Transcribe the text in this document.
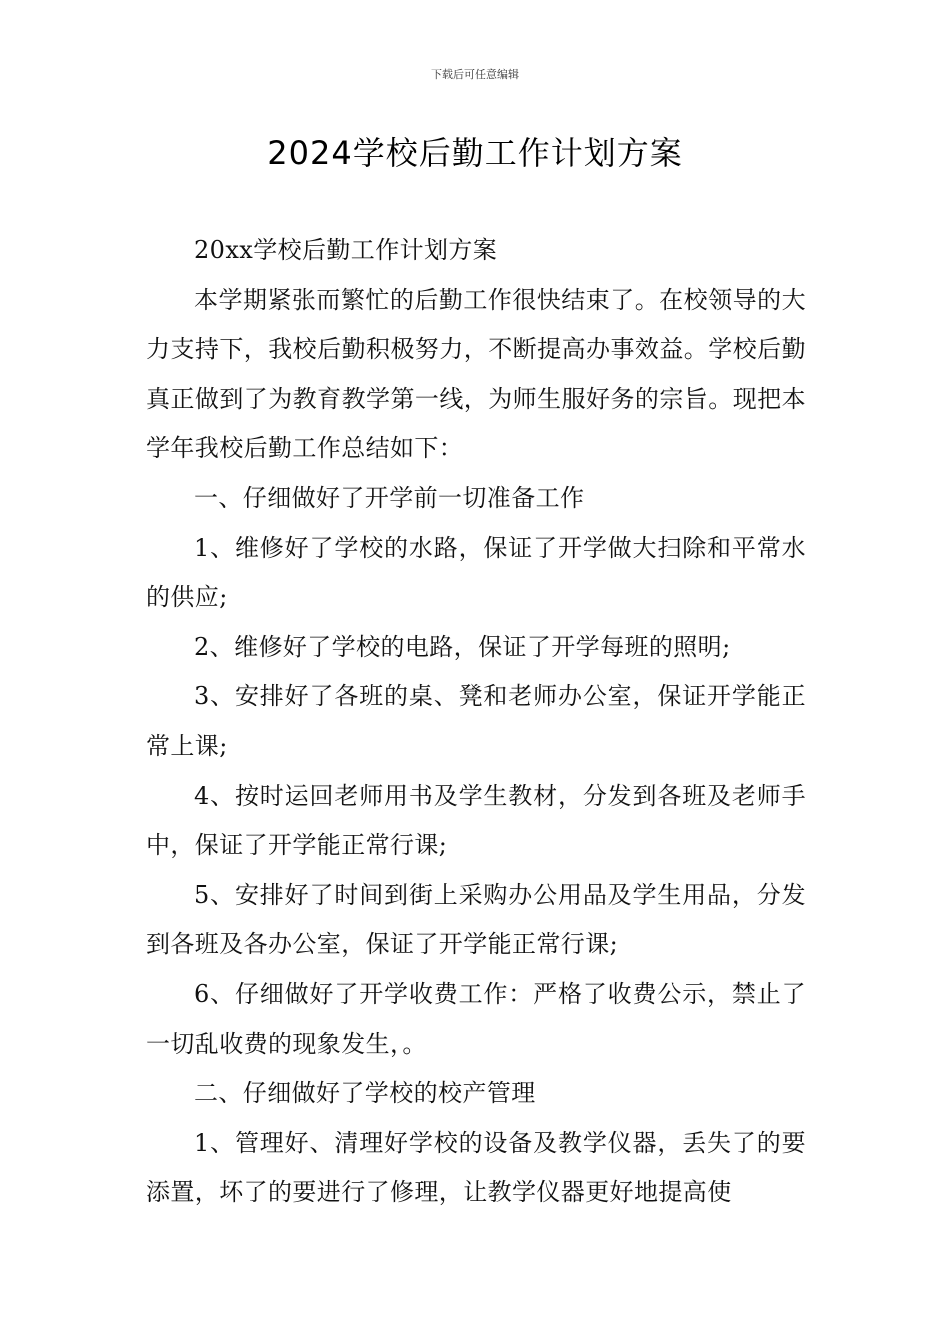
下载后可任意编辑
2024学校后勤工作计划方案

20xx学校后勤工作计划方案

本学期紧张而繁忙的后勤工作很快结束了。在校领导的大力支持下，我校后勤积极努力，不断提高办事效益。学校后勤真正做到了为教育教学第一线，为师生服好务的宗旨。现把本学年我校后勤工作总结如下：

一、仔细做好了开学前一切准备工作

1、维修好了学校的水路，保证了开学做大扫除和平常水的供应;

2、维修好了学校的电路，保证了开学每班的照明;

3、安排好了各班的桌、凳和老师办公室，保证开学能正常上课;

4、按时运回老师用书及学生教材，分发到各班及老师手中，保证了开学能正常行课;

5、安排好了时间到街上采购办公用品及学生用品，分发到各班及各办公室，保证了开学能正常行课;

6、仔细做好了开学收费工作：严格了收费公示，禁止了一切乱收费的现象发生，。

二、仔细做好了学校的校产管理

1、管理好、清理好学校的设备及教学仪器，丢失了的要添置，坏了的要进行了修理，让教学仪器更好地提高使
